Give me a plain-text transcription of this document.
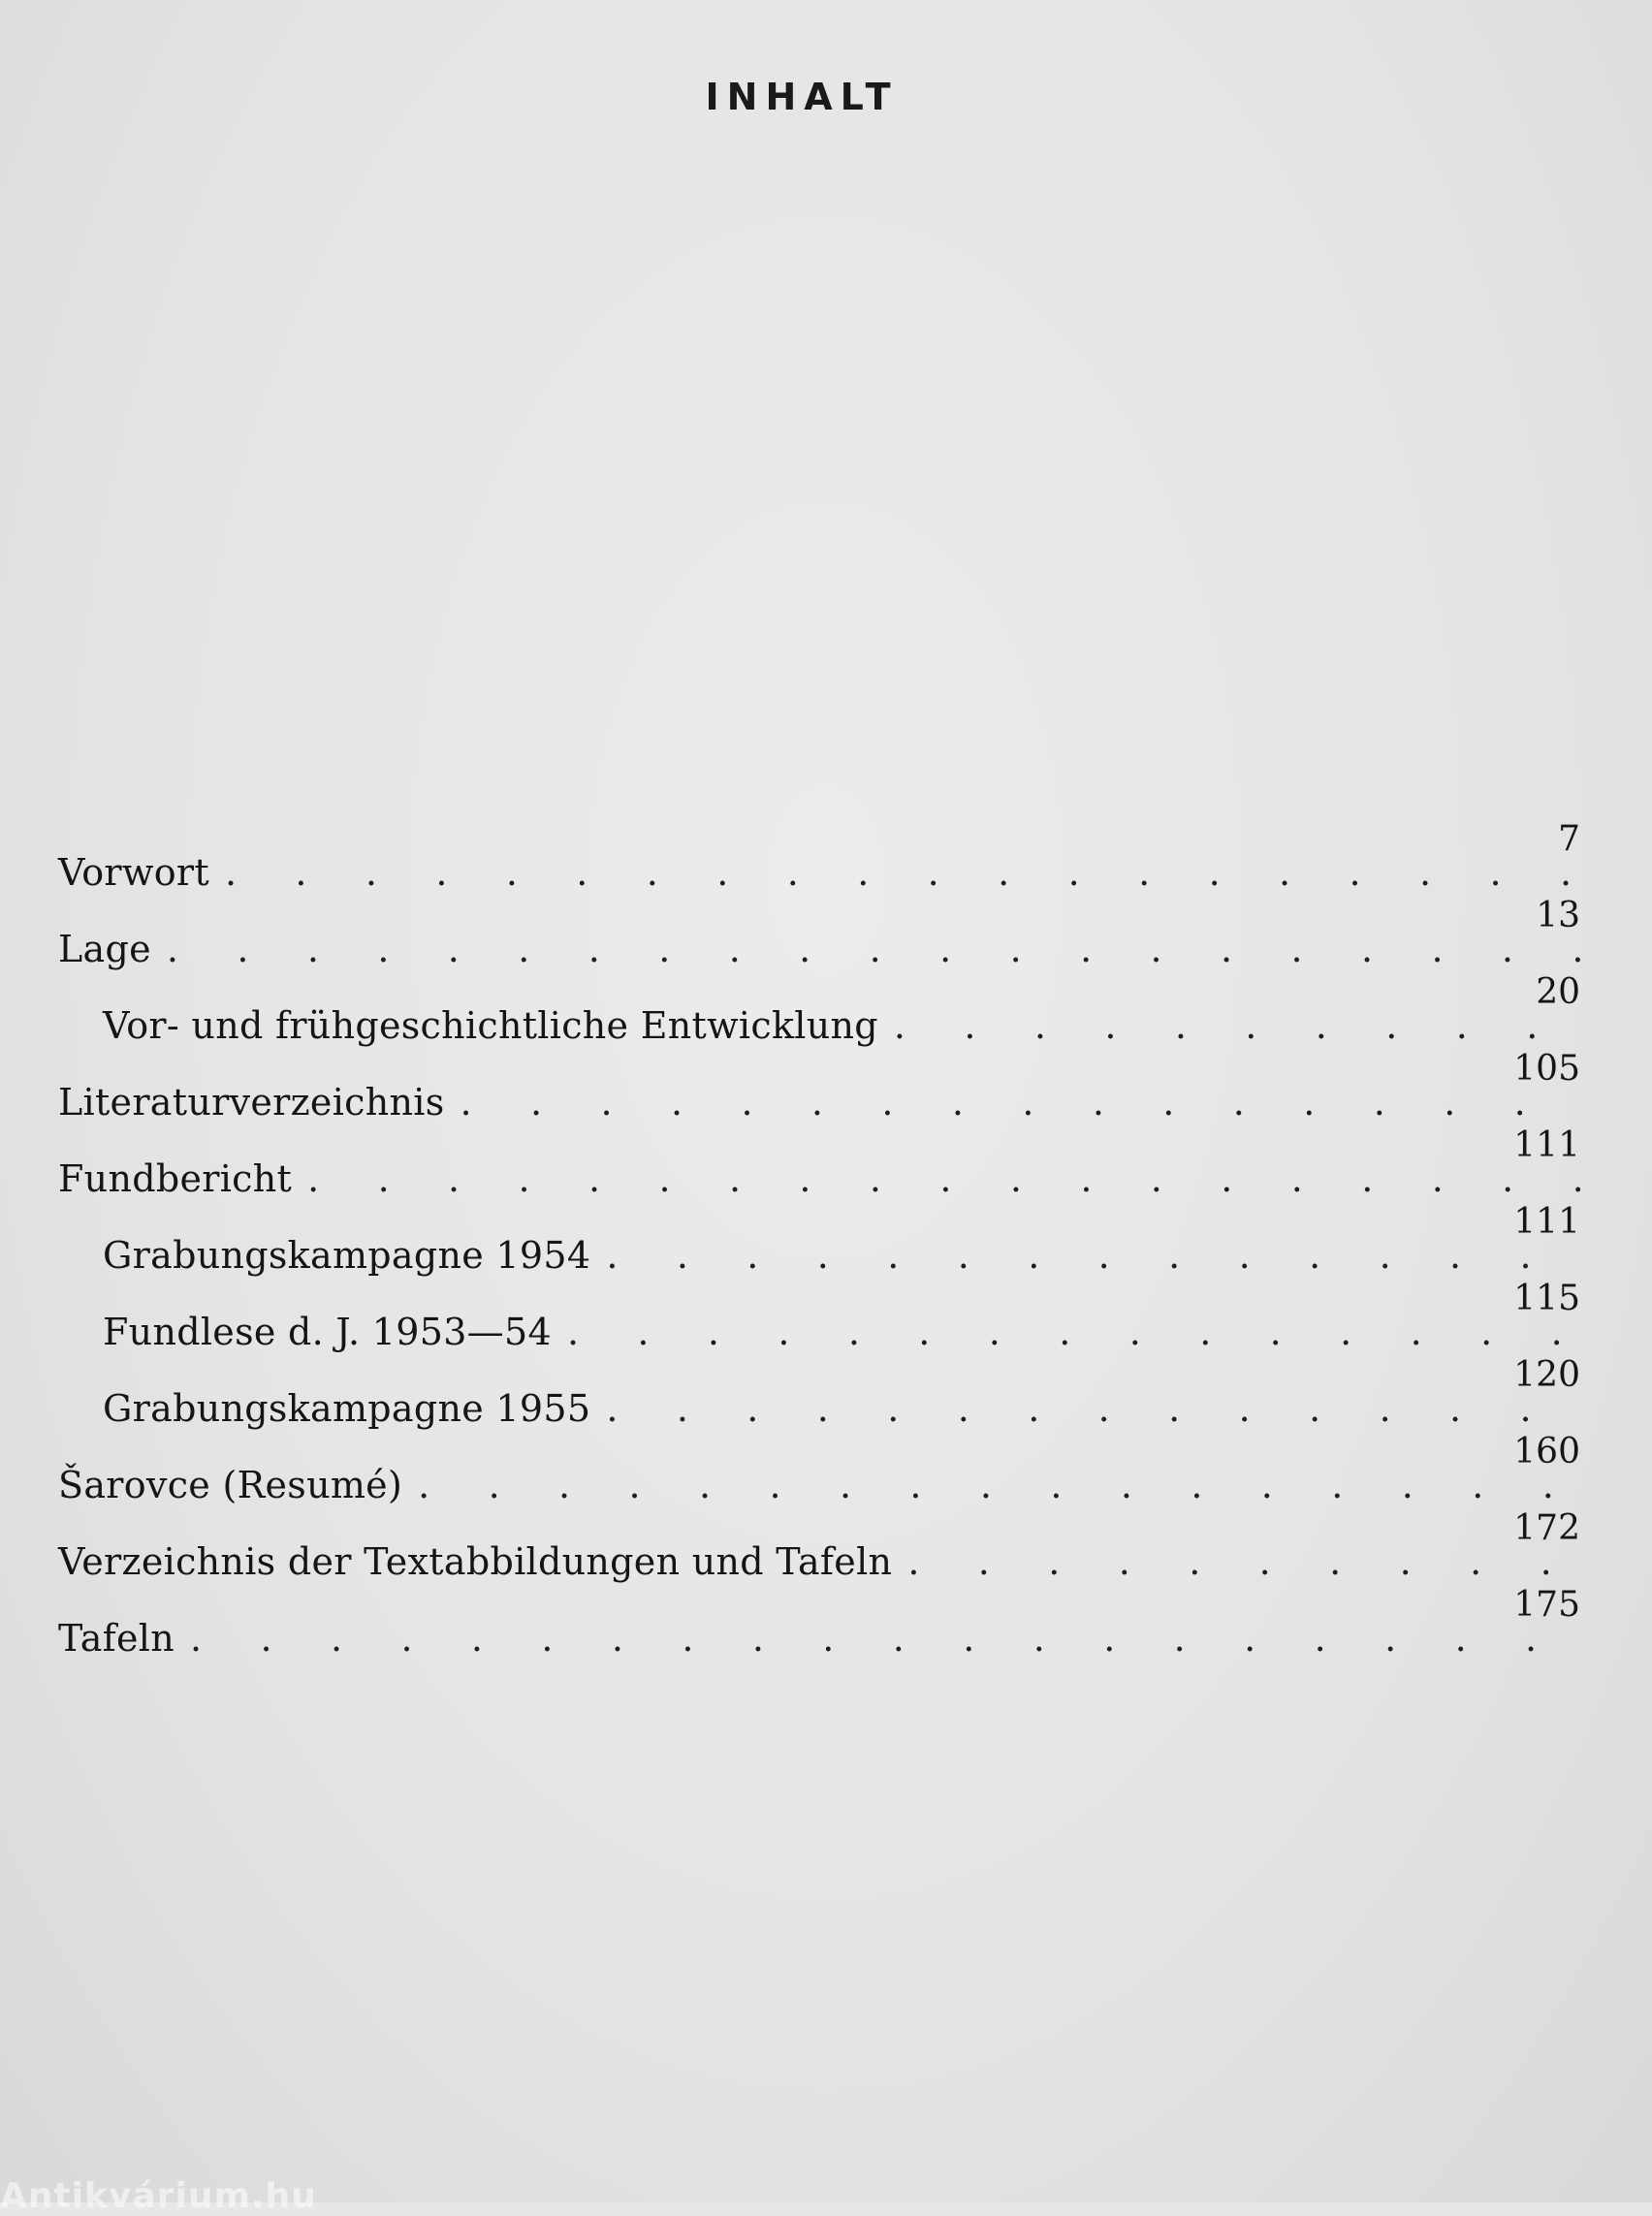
INHALT
Vorwort
.
7
Lage
.
13
Vor- und frühgeschichtliche Entwicklung
.
20
Literaturverzeichnis
.
105
Fundbericht
.
111
Grabungskampagne 1954
.
111
Fundlese d. J. 1953—54
.
115
Grabungskampagne 1955
.
120
Šarovce (Resumé)
.
160
Verzeichnis der Textabbildungen und Tafeln
.
172
Tafeln
.
175
Antikvárium.hu
